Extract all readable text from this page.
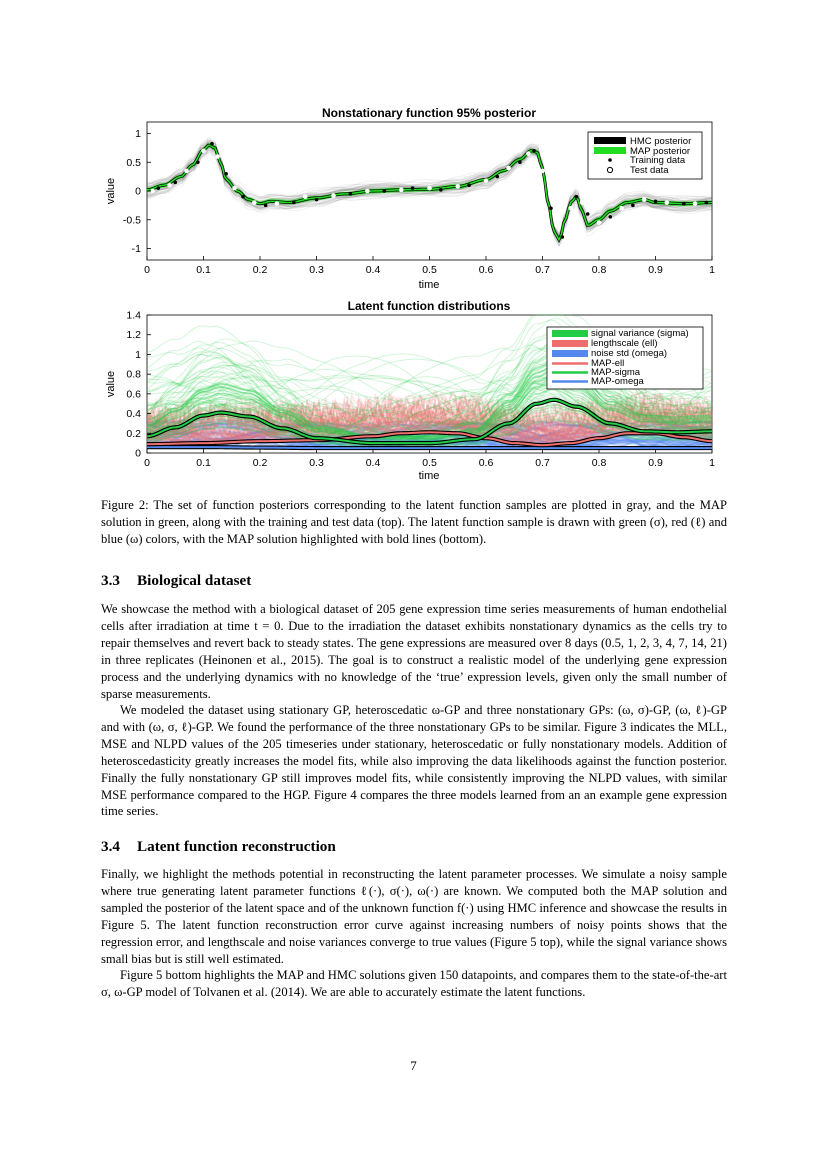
Nonstationary function 95% posterior
0	0.1	0.2	0.3	0.4	0.5	0.6	0.7	0.8	0.9	1
1
0.5
0
-0.5
-1
time
value
HMC posterior
MAP posterior
Training data
Test data
Latent function distributions
0	0.1	0.2	0.3	0.4	0.5	0.6	0.7	0.8	0.9	1
1.4
1.2
1
0.8
0.6
0.4
0.2
0
time
value
signal variance (sigma)
lengthscale (ell)
noise std (omega)
MAP-ell
MAP-sigma
MAP-omega
Figure 2: The set of function posteriors corresponding to the latent function samples are plotted in gray, and the MAP solution in green, along with the training and test data (top). The latent function sample is drawn with green (σ), red (ℓ) and blue (ω) colors, with the MAP solution highlighted with bold lines (bottom).
3.3 Biological dataset
We showcase the method with a biological dataset of 205 gene expression time series measurements of human endothelial cells after irradiation at time t = 0. Due to the irradiation the dataset exhibits nonstationary dynamics as the cells try to repair themselves and revert back to steady states. The gene expressions are measured over 8 days (0.5, 1, 2, 3, 4, 7, 14, 21) in three replicates (Heinonen et al., 2015). The goal is to construct a realistic model of the underlying gene expression process and the underlying dynamics with no knowledge of the ‘true’ expression levels, given only the small number of sparse measurements.
We modeled the dataset using stationary GP, heteroscedatic ω-GP and three nonstationary GPs: (ω, σ)-GP, (ω, ℓ)-GP and with (ω, σ, ℓ)-GP. We found the performance of the three nonstationary GPs to be similar. Figure 3 indicates the MLL, MSE and NLPD values of the 205 timeseries under stationary, heteroscedatic or fully nonstationary models. Addition of heteroscedasticity greatly increases the model fits, while also improving the data likelihoods against the function posterior. Finally the fully nonstationary GP still improves model fits, while consistently improving the NLPD values, with similar MSE performance compared to the HGP. Figure 4 compares the three models learned from an an example gene expression time series.
3.4 Latent function reconstruction
Finally, we highlight the methods potential in reconstructing the latent parameter processes. We simulate a noisy sample where true generating latent parameter functions ℓ(·), σ(·), ω(·) are known. We computed both the MAP solution and sampled the posterior of the latent space and of the unknown function f(·) using HMC inference and showcase the results in Figure 5. The latent function reconstruction error curve against increasing numbers of noisy points shows that the regression error, and lengthscale and noise variances converge to true values (Figure 5 top), while the signal variance shows small bias but is still well estimated.
Figure 5 bottom highlights the MAP and HMC solutions given 150 datapoints, and compares them to the state-of-the-art σ, ω-GP model of Tolvanen et al. (2014). We are able to accurately estimate the latent functions.
7
